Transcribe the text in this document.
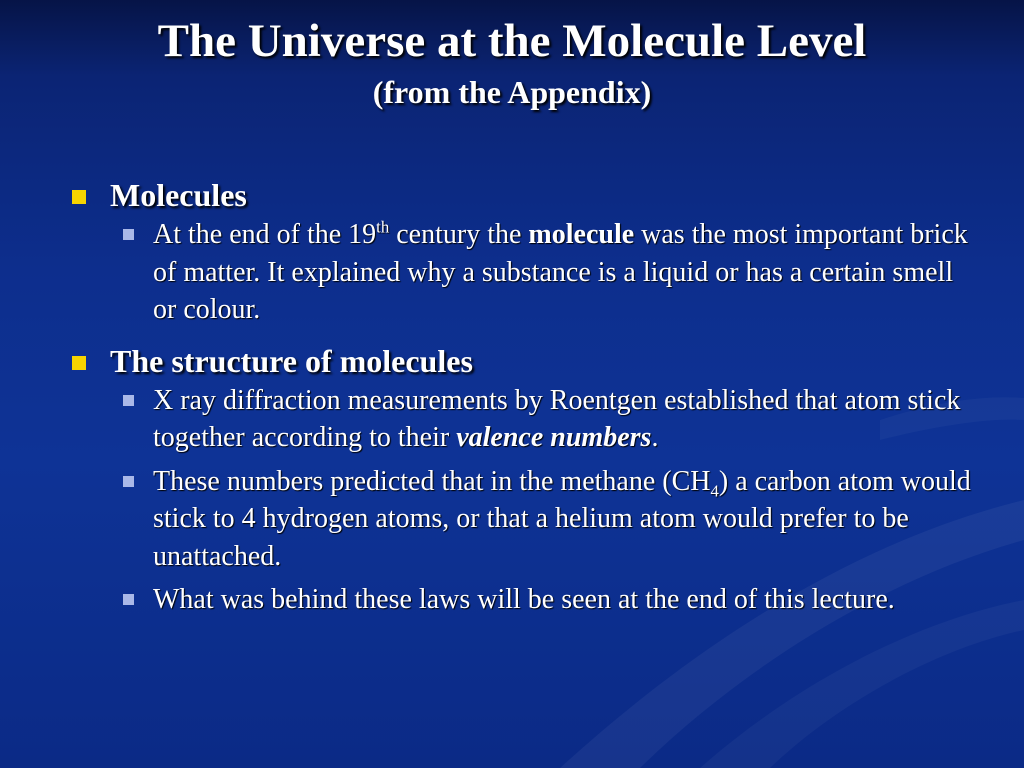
The Universe at the Molecule Level
(from the Appendix)
Molecules
At the end of the 19th century the molecule was the most important brick of matter. It explained why a substance is a liquid or has a certain smell or colour.
The structure of molecules
X ray diffraction measurements by Roentgen established that atom stick together according to their valence numbers.
These numbers predicted that in the methane $(CH_4)$ a carbon atom would stick to 4 hydrogen atoms, or that a helium atom would prefer to be unattached.
What was behind these laws will be seen at the end of this lecture.
